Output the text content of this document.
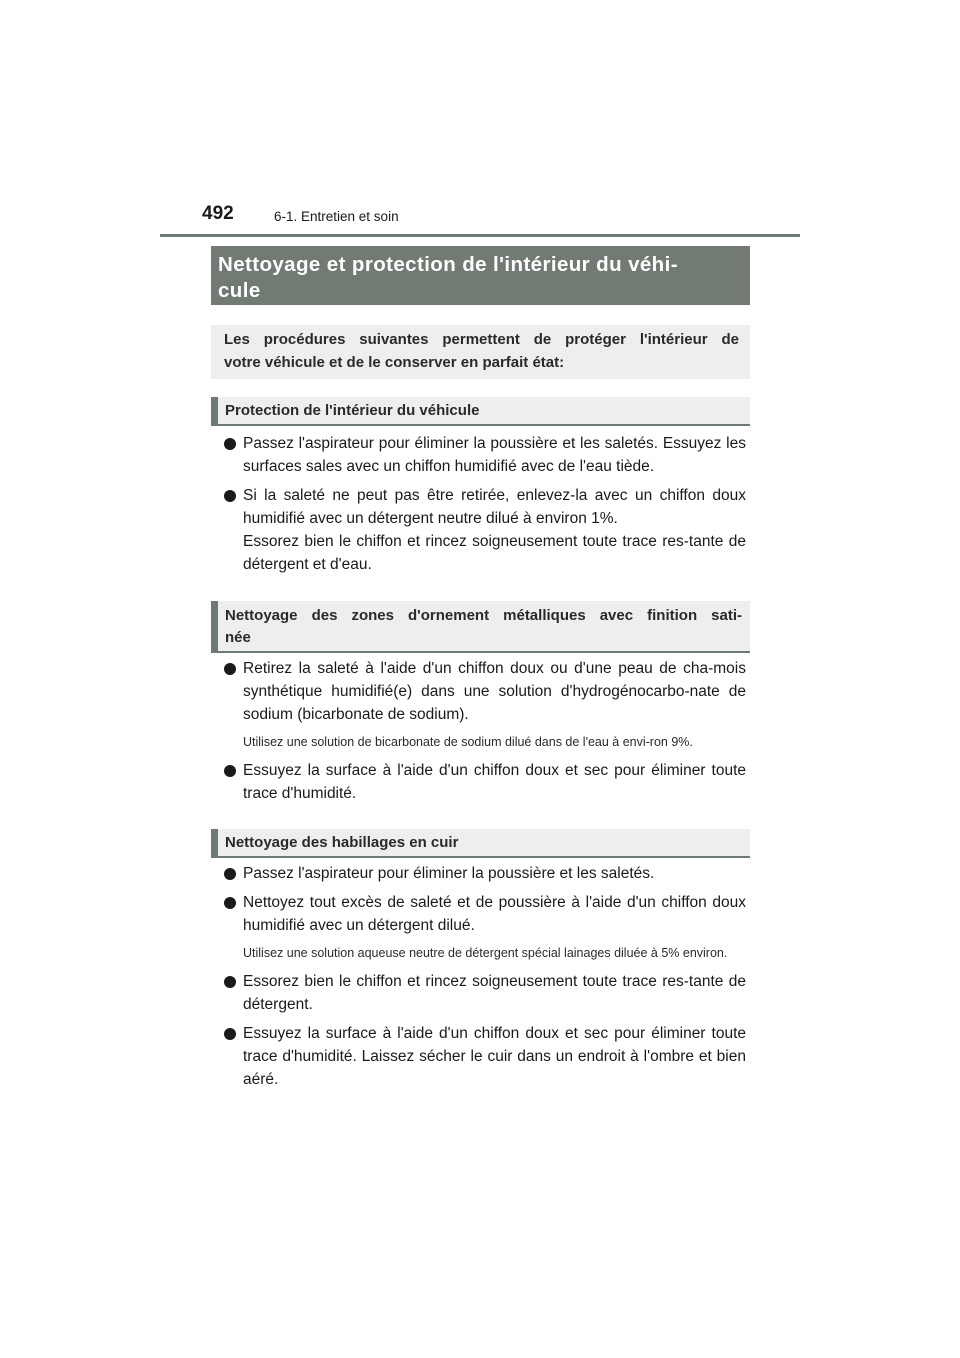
492	6-1. Entretien et soin
Nettoyage et protection de l'intérieur du véhi-
cule
Les procédures suivantes permettent de protéger l'intérieur de
votre véhicule et de le conserver en parfait état:
Protection de l'intérieur du véhicule
Passez l'aspirateur pour éliminer la poussière et les saletés. Essuyez les surfaces sales avec un chiffon humidifié avec de l'eau tiède.
Si la saleté ne peut pas être retirée, enlevez-la avec un chiffon doux humidifié avec un détergent neutre dilué à environ 1%.
Essorez bien le chiffon et rincez soigneusement toute trace res-tante de détergent et d'eau.
Nettoyage des zones d'ornement métalliques avec finition sati-
née
Retirez la saleté à l'aide d'un chiffon doux ou d'une peau de cha-mois synthétique humidifié(e) dans une solution d'hydrogénocarbo-nate de sodium (bicarbonate de sodium).
Utilisez une solution de bicarbonate de sodium dilué dans de l'eau à envi-ron 9%.
Essuyez la surface à l'aide d'un chiffon doux et sec pour éliminer toute trace d'humidité.
Nettoyage des habillages en cuir
Passez l'aspirateur pour éliminer la poussière et les saletés.
Nettoyez tout excès de saleté et de poussière à l'aide d'un chiffon doux humidifié avec un détergent dilué.
Utilisez une solution aqueuse neutre de détergent spécial lainages diluée à 5% environ.
Essorez bien le chiffon et rincez soigneusement toute trace res-tante de détergent.
Essuyez la surface à l'aide d'un chiffon doux et sec pour éliminer toute trace d'humidité. Laissez sécher le cuir dans un endroit à l'ombre et bien aéré.
